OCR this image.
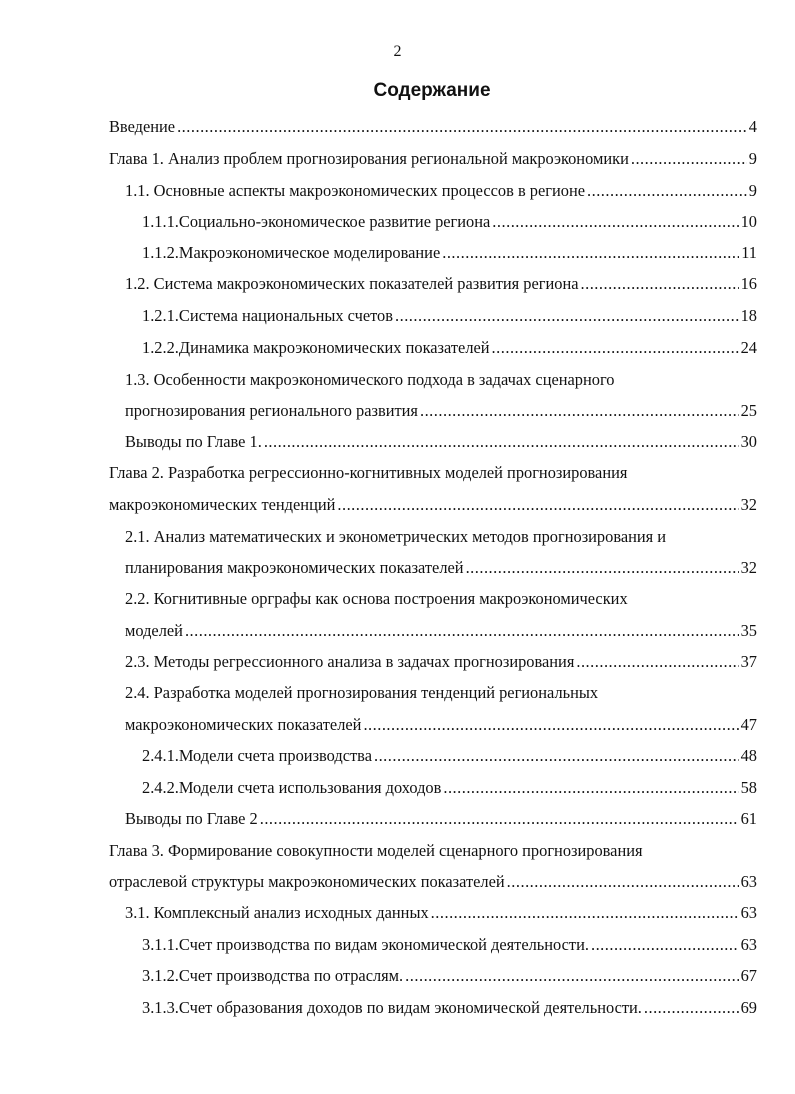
2
Содержание
Введение .....	4
Глава 1. Анализ проблем прогнозирования региональной макроэкономики .....	9
1.1. Основные аспекты макроэкономических процессов в регионе .....	9
1.1.1. Социально-экономическое развитие региона .....	10
1.1.2. Макроэкономическое моделирование .....	11
1.2. Система макроэкономических показателей развития региона .....	16
1.2.1. Система национальных счетов .....	18
1.2.2. Динамика макроэкономических показателей .....	24
1.3. Особенности макроэкономического подхода в задачах сценарного
прогнозирования регионального развития .....	25
Выводы по Главе 1. .....	30
Глава 2. Разработка регрессионно-когнитивных моделей прогнозирования
макроэкономических тенденций .....	32
2.1. Анализ математических и эконометрических методов прогнозирования и
планирования макроэкономических показателей .....	32
2.2. Когнитивные орграфы как основа построения макроэкономических
моделей .....	35
2.3. Методы регрессионного анализа в задачах прогнозирования .....	37
2.4. Разработка моделей прогнозирования тенденций региональных
макроэкономических показателей .....	47
2.4.1. Модели счета производства .....	48
2.4.2. Модели счета использования доходов .....	58
Выводы по Главе 2 .....	61
Глава 3. Формирование совокупности моделей сценарного прогнозирования
отраслевой структуры макроэкономических показателей .....	63
3.1. Комплексный анализ исходных данных .....	63
3.1.1. Счет производства по видам экономической деятельности. .....	63
3.1.2. Счет производства по отраслям. .....	67
3.1.3. Счет образования доходов по видам экономической деятельности. .....	69
